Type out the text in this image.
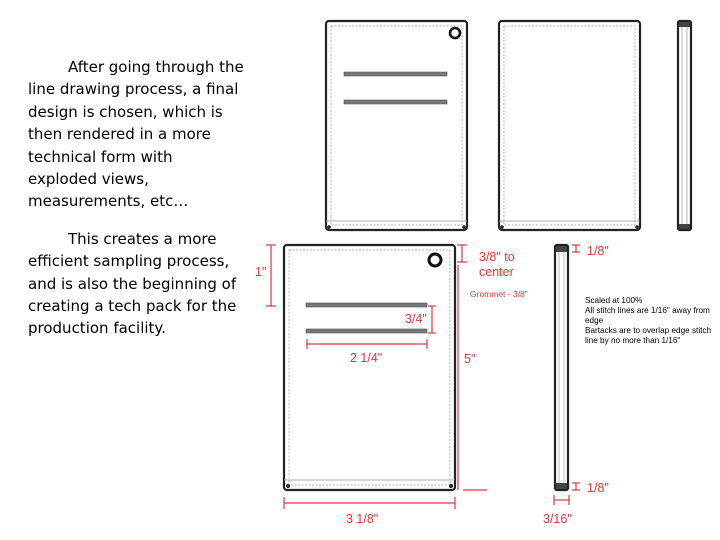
After going through the line drawing process, a final design is chosen, which is then rendered in a more technical form with exploded views, measurements, etc…

This creates a more efficient sampling process, and is also the beginning of creating a tech pack for the production facility.

1"
3/8" to
center
Grommet - 3/8"
3/4"
2 1/4"	5"
3 1/8"
1/8"
1/8"
3/16"
Scaled at 100%
All stitch lines are 1/16" away from edge
Bartacks are to overlap edge stitch line by no more than 1/16"
